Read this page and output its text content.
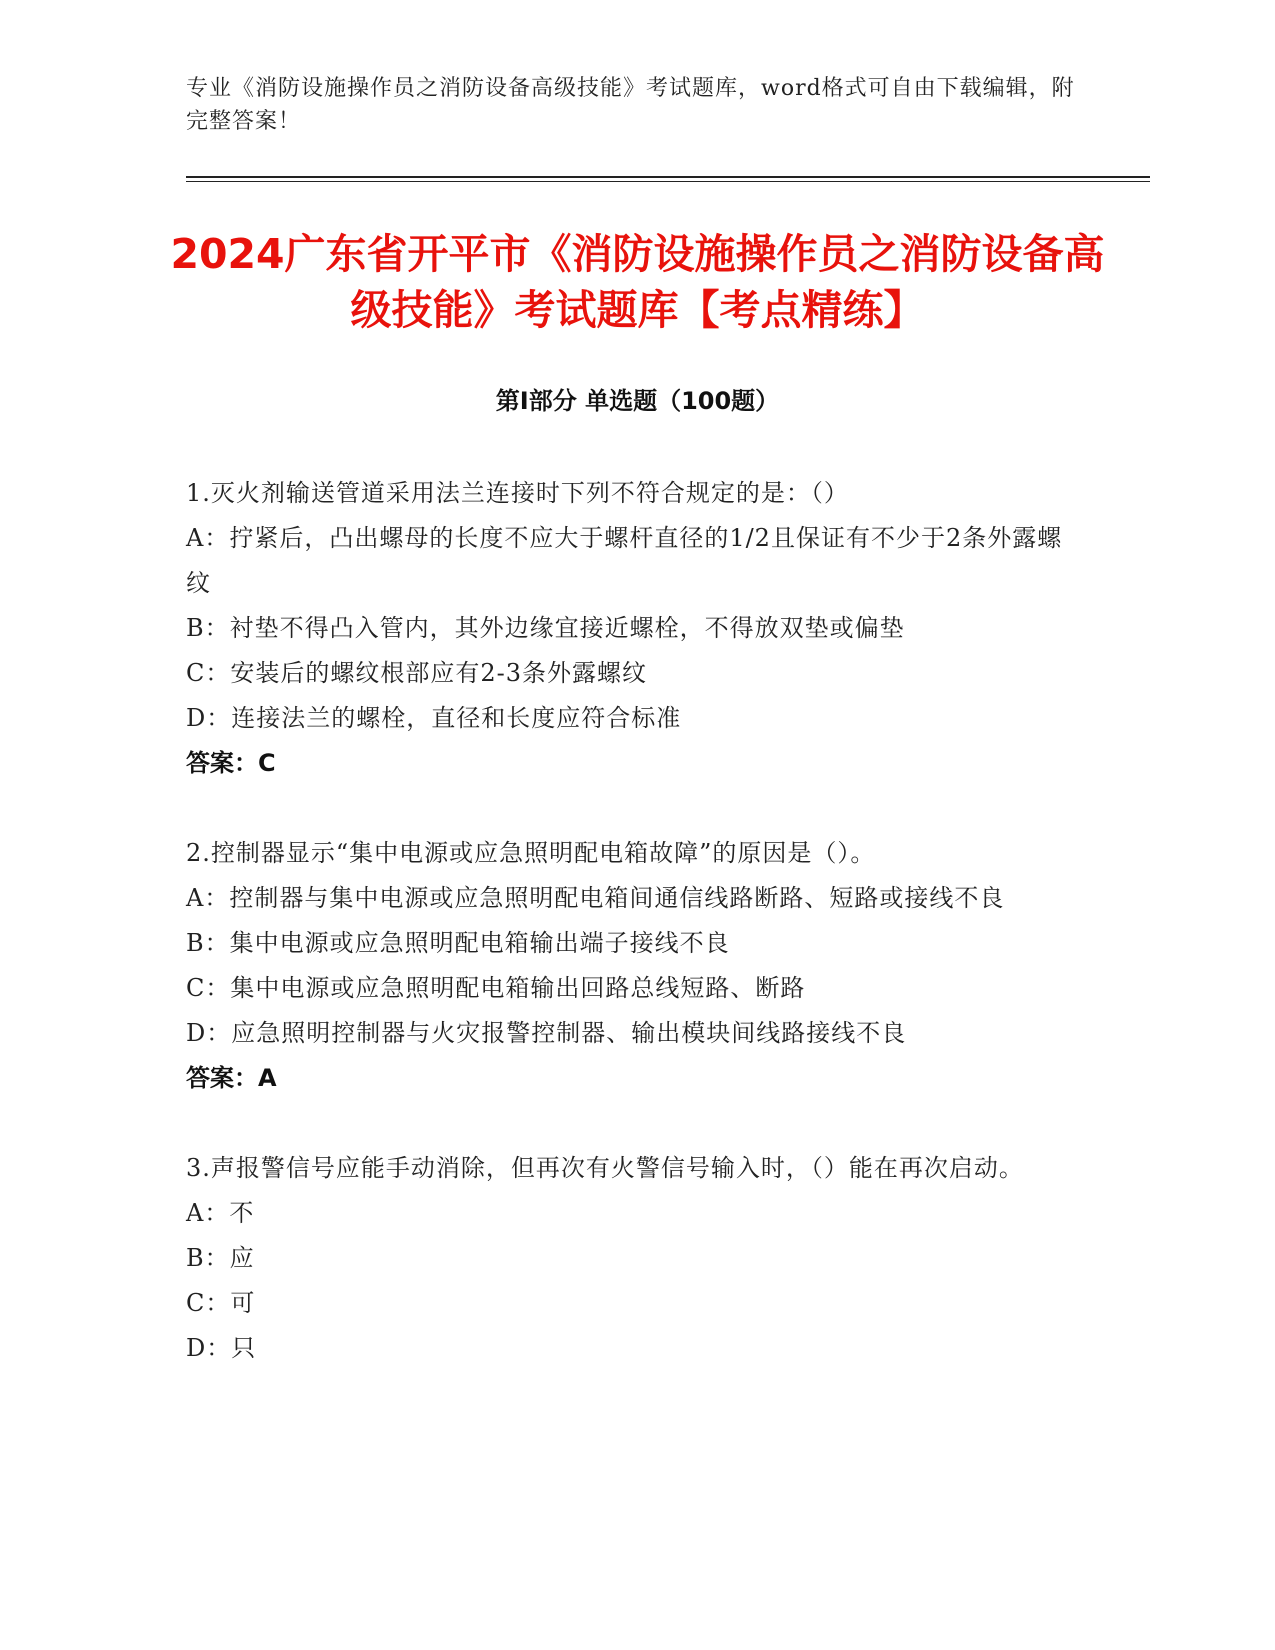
专业《消防设施操作员之消防设备高级技能》考试题库，word格式可自由下载编辑，附完整答案！
2024广东省开平市《消防设施操作员之消防设备高级技能》考试题库【考点精练】
第I部分 单选题（100题）

1.灭火剂输送管道采用法兰连接时下列不符合规定的是：（）

A：拧紧后，凸出螺母的长度不应大于螺杆直径的1/2且保证有不少于2条外露螺纹

B：衬垫不得凸入管内，其外边缘宜接近螺栓，不得放双垫或偏垫

C：安装后的螺纹根部应有2-3条外露螺纹

D：连接法兰的螺栓，直径和长度应符合标准

答案：C

2.控制器显示“集中电源或应急照明配电箱故障”的原因是（）。

A：控制器与集中电源或应急照明配电箱间通信线路断路、短路或接线不良

B：集中电源或应急照明配电箱输出端子接线不良

C：集中电源或应急照明配电箱输出回路总线短路、断路

D：应急照明控制器与火灾报警控制器、输出模块间线路接线不良

答案：A

3.声报警信号应能手动消除，但再次有火警信号输入时，（）能在再次启动。

A：不

B：应

C：可

D：只
